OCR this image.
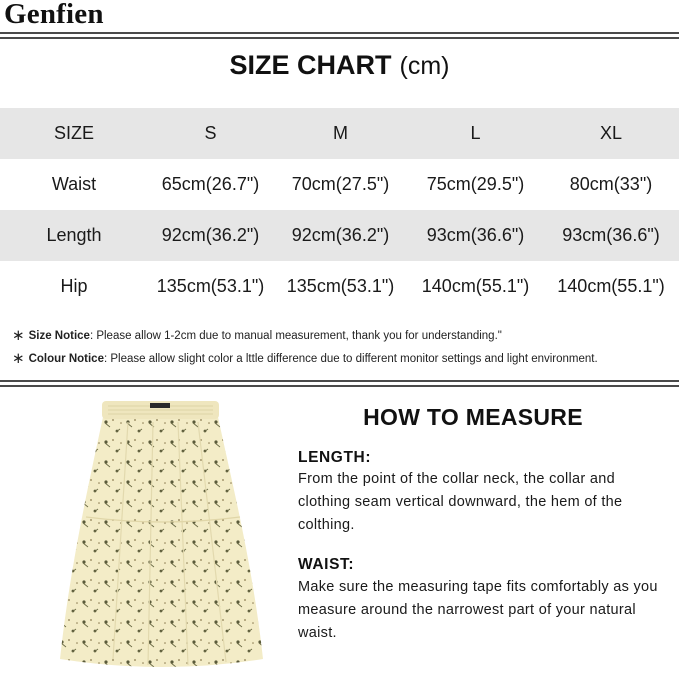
Genfien
SIZE CHART (cm)
SIZE	S	M	L	XL
Waist	65cm(26.7")	70cm(27.5")	75cm(29.5")	80cm(33")
Length	92cm(36.2")	92cm(36.2")	93cm(36.6")	93cm(36.6")
Hip	135cm(53.1")	135cm(53.1")	140cm(55.1")	140cm(55.1")
∗ Size Notice: Please allow 1-2cm due to manual measurement, thank you for understanding."
∗ Colour Notice: Please allow slight color a lttle difference due to different monitor settings and light environment.
HOW TO MEASURE
LENGTH:
From the point of the collar neck, the collar and clothing seam vertical downward, the hem of the colthing.
WAIST:
Make sure the measuring tape fits comfortably as you measure around the narrowest part of your natural waist.
